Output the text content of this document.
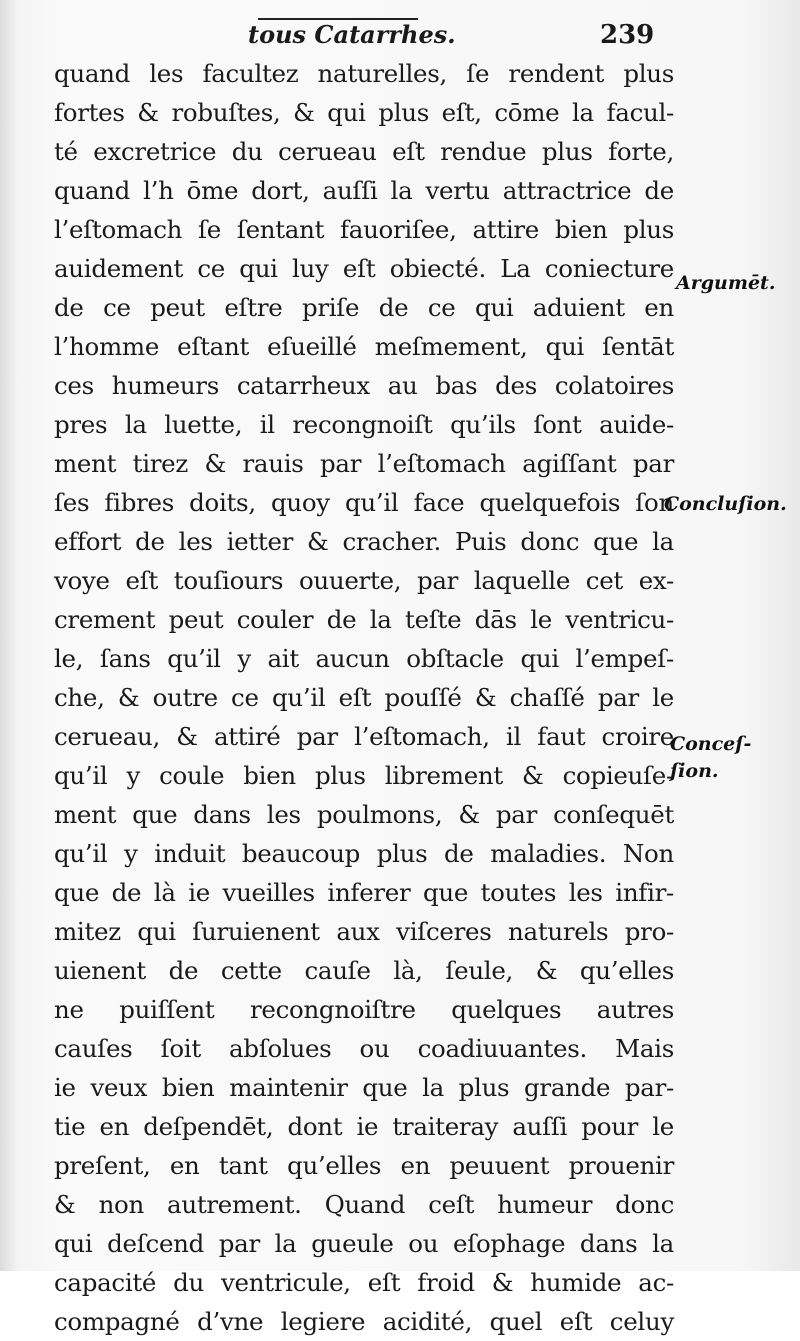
tous Catarrhes.	239
quand les facultez naturelles, ſe rendent plus
fortes & robuſtes, & qui plus eſt, cōme la facul-
té excretrice du cerueau eſt rendue plus forte,
quand l’h ōme dort, auſſi la vertu attractrice de
l’eſtomach ſe ſentant fauoriſee, attire bien plus
auidement ce qui luy eſt obiecté. La coniecture
de ce peut eſtre priſe de ce qui aduient en
l’homme eſtant eſueillé meſmement, qui ſentāt
ces humeurs catarrheux au bas des colatoires
pres la luette, il recongnoiſt qu’ils ſont auide-
ment tirez & rauis par l’eſtomach agiſſant par
ſes fibres doits, quoy qu’il face quelquefois ſon
effort de les ietter & cracher. Puis donc que la
voye eſt touſiours ouuerte, par laquelle cet ex-
crement peut couler de la teſte dās le ventricu-
le, ſans qu’il y ait aucun obſtacle qui l’empeſ-
che, & outre ce qu’il eſt pouſſé & chaſſé par le
cerueau, & attiré par l’eſtomach, il faut croire
qu’il y coule bien plus librement & copieuſe-
ment que dans les poulmons, & par conſequēt
qu’il y induit beaucoup plus de maladies. Non
que de là ie vueilles inferer que toutes les infir-
mitez qui ſuruienent aux viſceres naturels pro-
uienent de cette cauſe là, ſeule, & qu’elles
ne puiſſent recongnoiſtre quelques autres
cauſes ſoit abſolues ou coadiuuantes. Mais
ie veux bien maintenir que la plus grande par-
tie en deſpendēt, dont ie traiteray auſſi pour le
preſent, en tant qu’elles en peuuent prouenir
& non autrement. Quand ceſt humeur donc
qui deſcend par la gueule ou eſophage dans la
capacité du ventricule, eſt froid & humide ac-
compagné d’vne legiere acidité, quel eſt celuy
Argumēt.
Concluſion.
Conceſ-
ſion.
